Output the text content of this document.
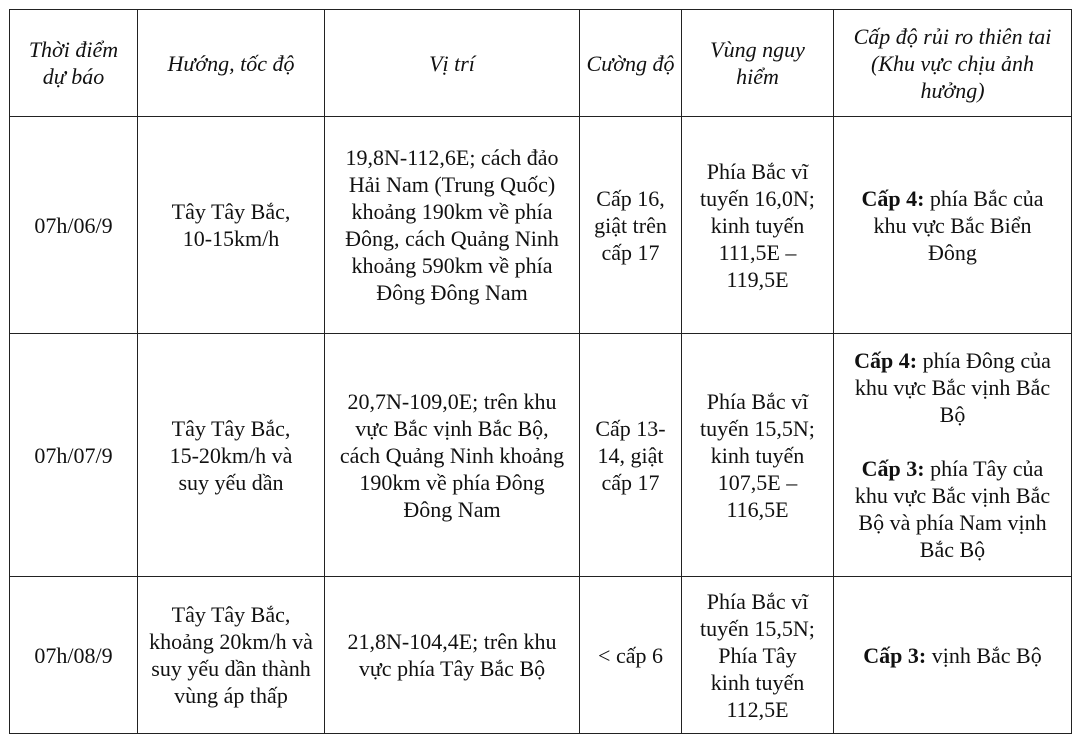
Thời điểm dự báo	Hướng, tốc độ	Vị trí	Cường độ	Vùng nguy hiểm	Cấp độ rủi ro thiên tai (Khu vực chịu ảnh hưởng)
07h/06/9	Tây Tây Bắc, 10-15km/h	19,8N-112,6E; cách đảo Hải Nam (Trung Quốc) khoảng 190km về phía Đông, cách Quảng Ninh khoảng 590km về phía Đông Đông Nam	Cấp 16, giật trên cấp 17	Phía Bắc vĩ tuyến 16,0N; kinh tuyến 111,5E – 119,5E	Cấp 4: phía Bắc của khu vực Bắc Biển Đông

07h/07/9	Tây Tây Bắc, 15-20km/h và suy yếu dần	20,7N-109,0E; trên khu vực Bắc vịnh Bắc Bộ, cách Quảng Ninh khoảng 190km về phía Đông Đông Nam	Cấp 13-14, giật cấp 17	Phía Bắc vĩ tuyến 15,5N; kinh tuyến 107,5E – 116,5E	Cấp 4: phía Đông của khu vực Bắc vịnh Bắc Bộ
Cấp 3: phía Tây của khu vực Bắc vịnh Bắc Bộ và phía Nam vịnh Bắc Bộ

07h/08/9	Tây Tây Bắc, khoảng 20km/h và suy yếu dần thành vùng áp thấp	21,8N-104,4E; trên khu vực phía Tây Bắc Bộ	< cấp 6	Phía Bắc vĩ tuyến 15,5N; Phía Tây kinh tuyến 112,5E	Cấp 3: vịnh Bắc Bộ
